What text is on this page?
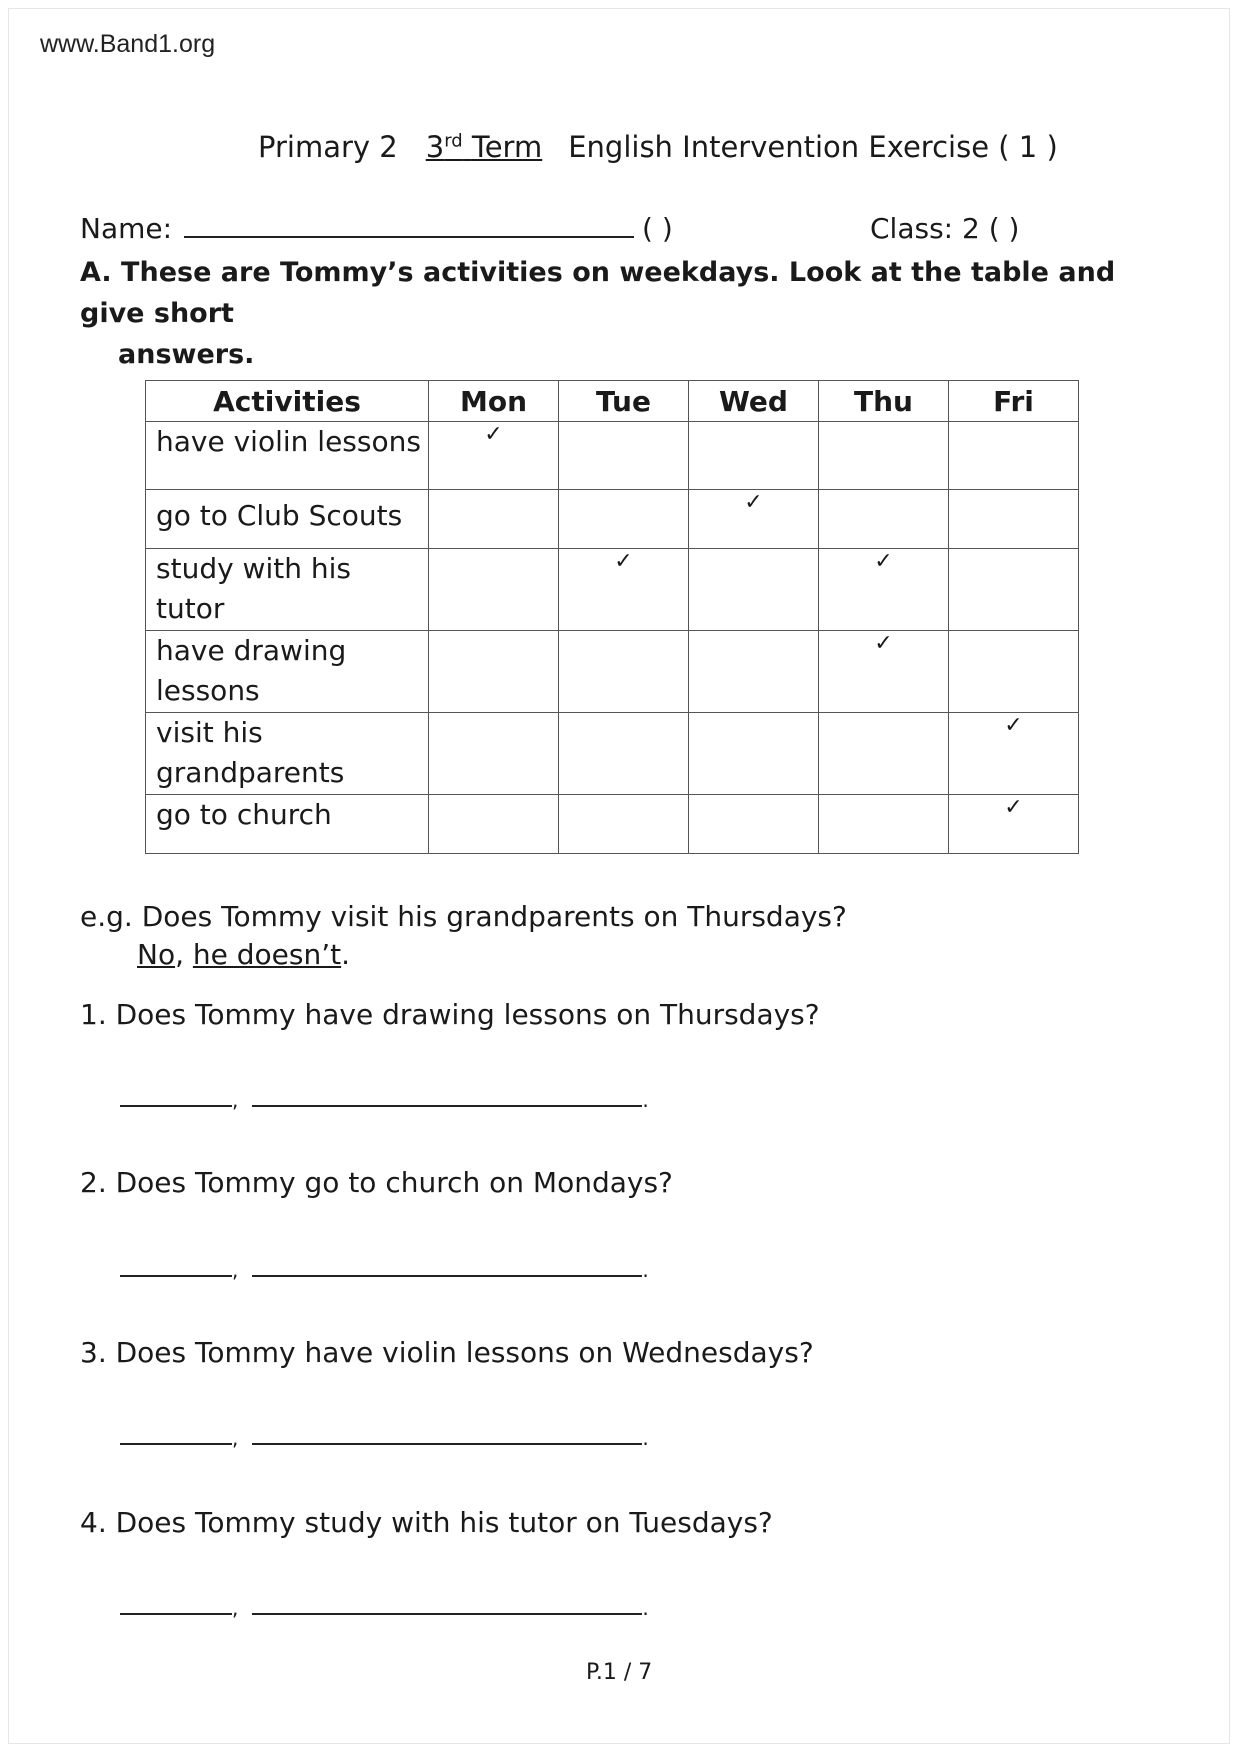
www.Band1.org
Primary 2 3rd Term English Intervention Exercise ( 1 )
Name:	( )	Class: 2 ( )
A. These are Tommy’s activities on weekdays. Look at the table and give short
answers.
Activities	Mon	Tue	Wed	Thu	Fri
have violin lessons	✓				
go to Club Scouts			✓		
study with his tutor		✓		✓	
have drawing lessons				✓	
visit his grandparents					✓
go to church					✓
e.g. Does Tommy visit his grandparents on Thursdays?
No, he doesn’t.
1. Does Tommy have drawing lessons on Thursdays?
,	.
2. Does Tommy go to church on Mondays?
,	.
3. Does Tommy have violin lessons on Wednesdays?
,	.
4. Does Tommy study with his tutor on Tuesdays?
,	.
P.1 / 7
